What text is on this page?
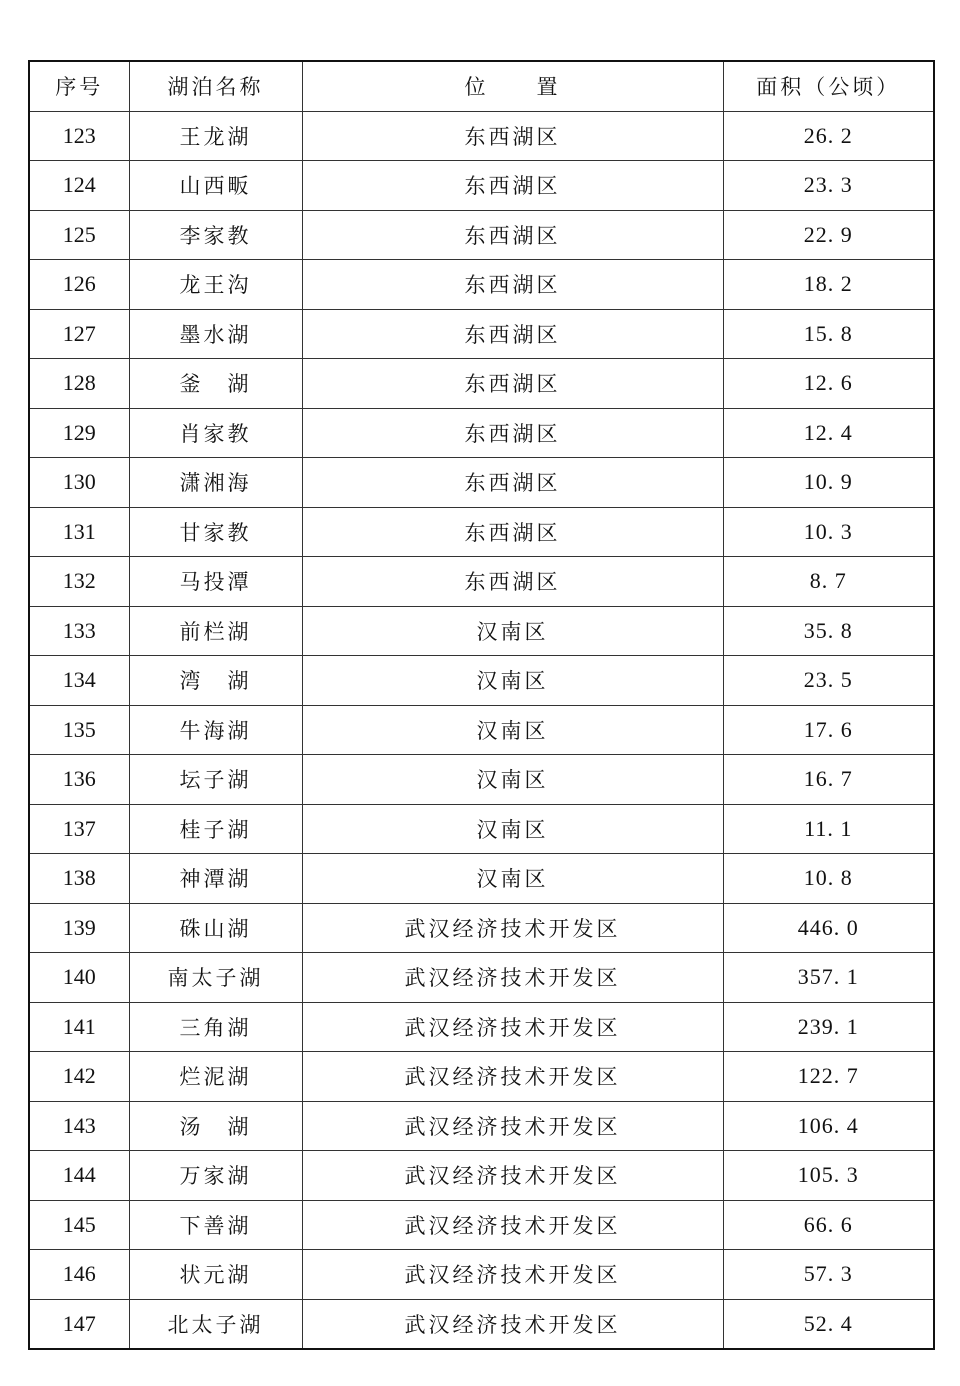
序号	湖泊名称	位　　置	面积（公顷）
123	王龙湖	东西湖区	26. 2
124	山西畈	东西湖区	23. 3
125	李家教	东西湖区	22. 9
126	龙王沟	东西湖区	18. 2
127	墨水湖	东西湖区	15. 8
128	釜　湖	东西湖区	12. 6
129	肖家教	东西湖区	12. 4
130	潇湘海	东西湖区	10. 9
131	甘家教	东西湖区	10. 3
132	马投潭	东西湖区	8. 7
133	前栏湖	汉南区	35. 8
134	湾　湖	汉南区	23. 5
135	牛海湖	汉南区	17. 6
136	坛子湖	汉南区	16. 7
137	桂子湖	汉南区	11. 1
138	神潭湖	汉南区	10. 8
139	硃山湖	武汉经济技术开发区	446. 0
140	南太子湖	武汉经济技术开发区	357. 1
141	三角湖	武汉经济技术开发区	239. 1
142	烂泥湖	武汉经济技术开发区	122. 7
143	汤　湖	武汉经济技术开发区	106. 4
144	万家湖	武汉经济技术开发区	105. 3
145	下善湖	武汉经济技术开发区	66. 6
146	状元湖	武汉经济技术开发区	57. 3
147	北太子湖	武汉经济技术开发区	52. 4
